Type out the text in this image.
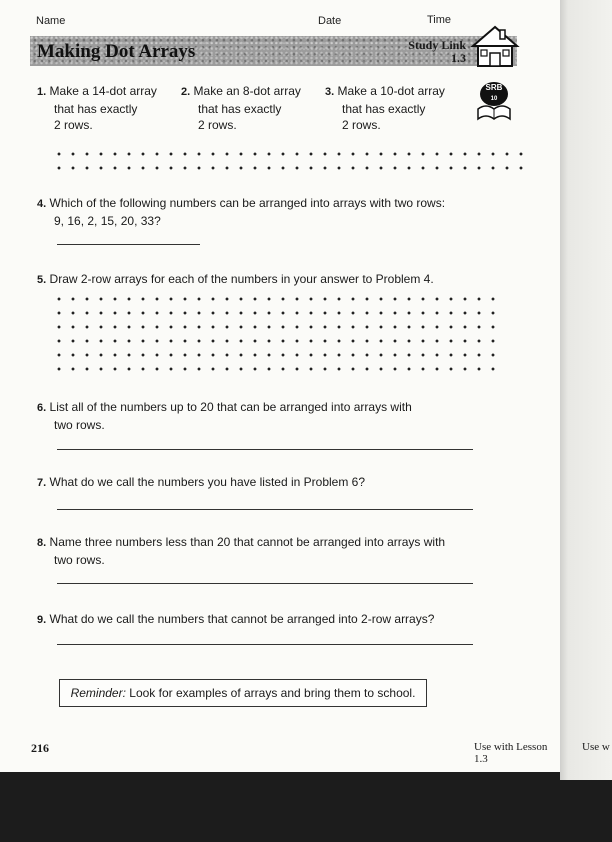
Name	Date	Time
Making Dot Arrays	Study Link
1.3
SRB
10
1. Make a 14-dot array
that has exactly
2 rows.
2. Make an 8-dot array
that has exactly
2 rows.
3. Make a 10-dot array
that has exactly
2 rows.
4. Which of the following numbers can be arranged into arrays with two rows:
9, 16, 2, 15, 20, 33?
5. Draw 2-row arrays for each of the numbers in your answer to Problem 4.
6. List all of the numbers up to 20 that can be arranged into arrays with
two rows.
7. What do we call the numbers you have listed in Problem 6?
8. Name three numbers less than 20 that cannot be arranged into arrays with
two rows.
9. What do we call the numbers that cannot be arranged into 2-row arrays?
Reminder: Look for examples of arrays and bring them to school.
216	Use with Lesson 1.3
Use w
